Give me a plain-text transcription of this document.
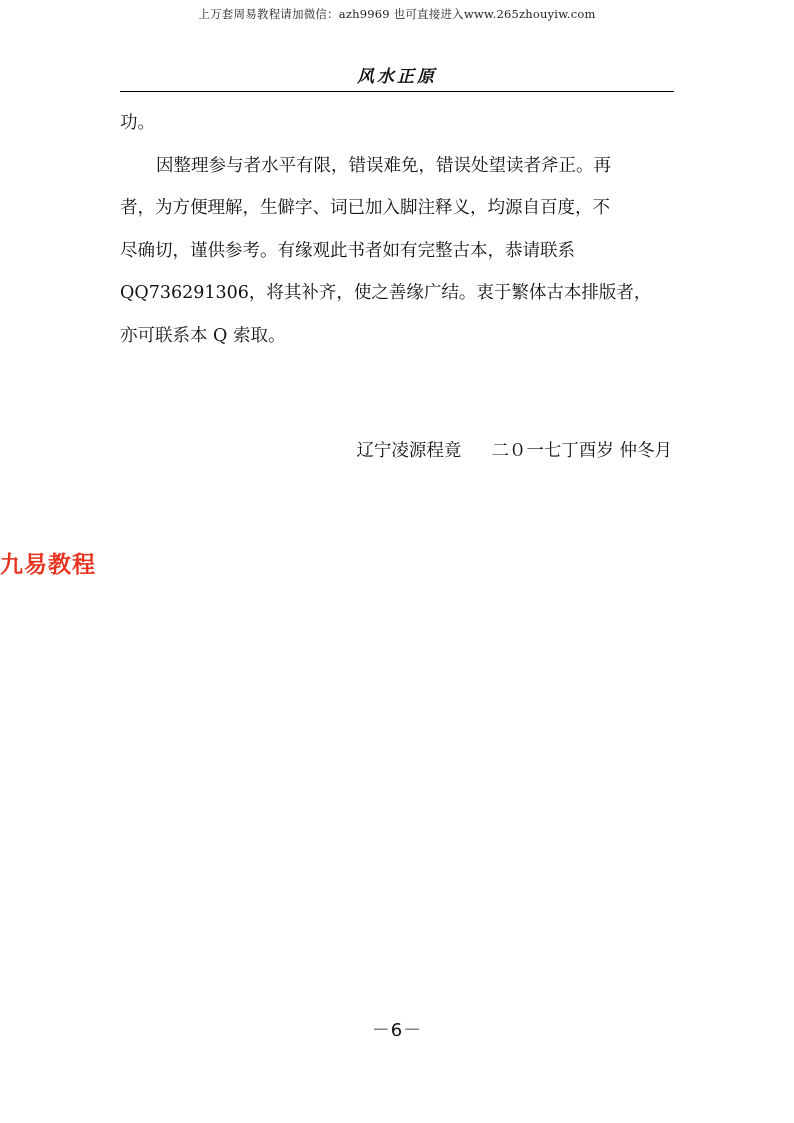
上万套周易教程请加微信：azh9969 也可直接进入www.265zhouyiw.com
风水正原
功。
因整理参与者水平有限，错误难免，错误处望读者斧正。再
者，为方便理解，生僻字、词已加入脚注释义，均源自百度，不
尽确切，谨供参考。有缘观此书者如有完整古本，恭请联系
QQ736291306，将其补齐，使之善缘广结。衷于繁体古本排版者，
亦可联系本 Q 索取。
辽宁凌源程竟 二０一七丁酉岁 仲冬月
九易教程
－6－
